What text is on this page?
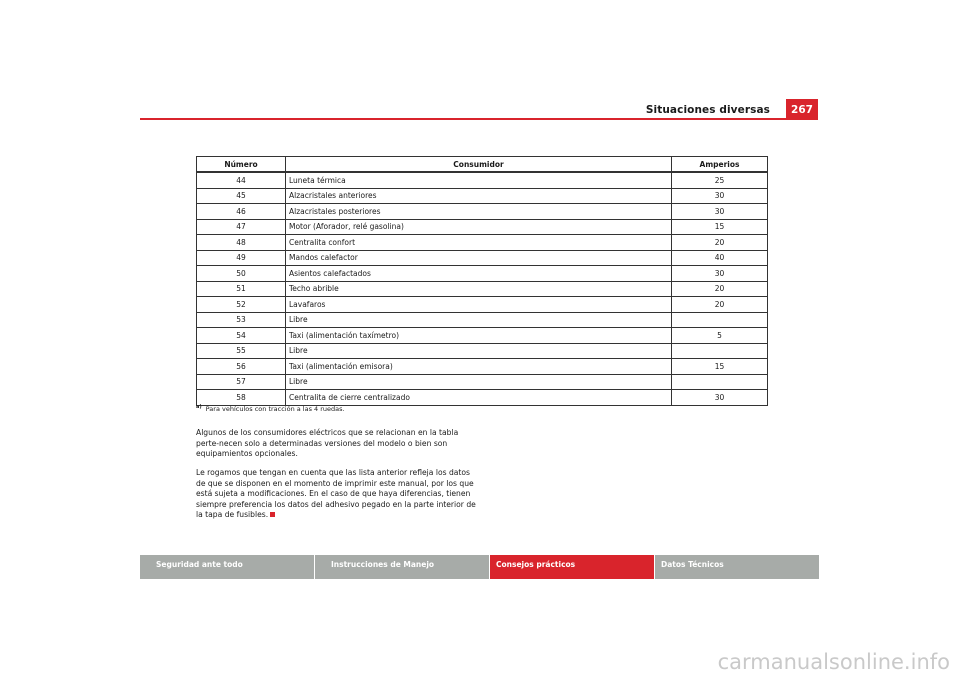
Situaciones diversas	267
Número	Consumidor	Amperios
44	Luneta térmica	25
45	Alzacristales anteriores	30
46	Alzacristales posteriores	30
47	Motor (Aforador, relé gasolina)	15
48	Centralita confort	20
49	Mandos calefactor	40
50	Asientos calefactados	30
51	Techo abrible	20
52	Lavafaros	20
53	Libre	
54	Taxi (alimentación taxímetro)	5
55	Libre	
56	Taxi (alimentación emisora)	15
57	Libre	
58	Centralita de cierre centralizado	30
$^{a)}$ Para vehículos con tracción a las 4 ruedas.

Algunos de los consumidores eléctricos que se relacionan en la tabla perte-necen solo a determinadas versiones del modelo o bien son equipamientos opcionales.

Le rogamos que tengan en cuenta que las lista anterior refleja los datos de que se disponen en el momento de imprimir este manual, por los que está sujeta a modificaciones. En el caso de que haya diferencias, tienen siempre preferencia los datos del adhesivo pegado en la parte interior de la tapa de fusibles.

Seguridad ante todo	Instrucciones de Manejo	Consejos prácticos	Datos Técnicos
carmanualsonline.info
